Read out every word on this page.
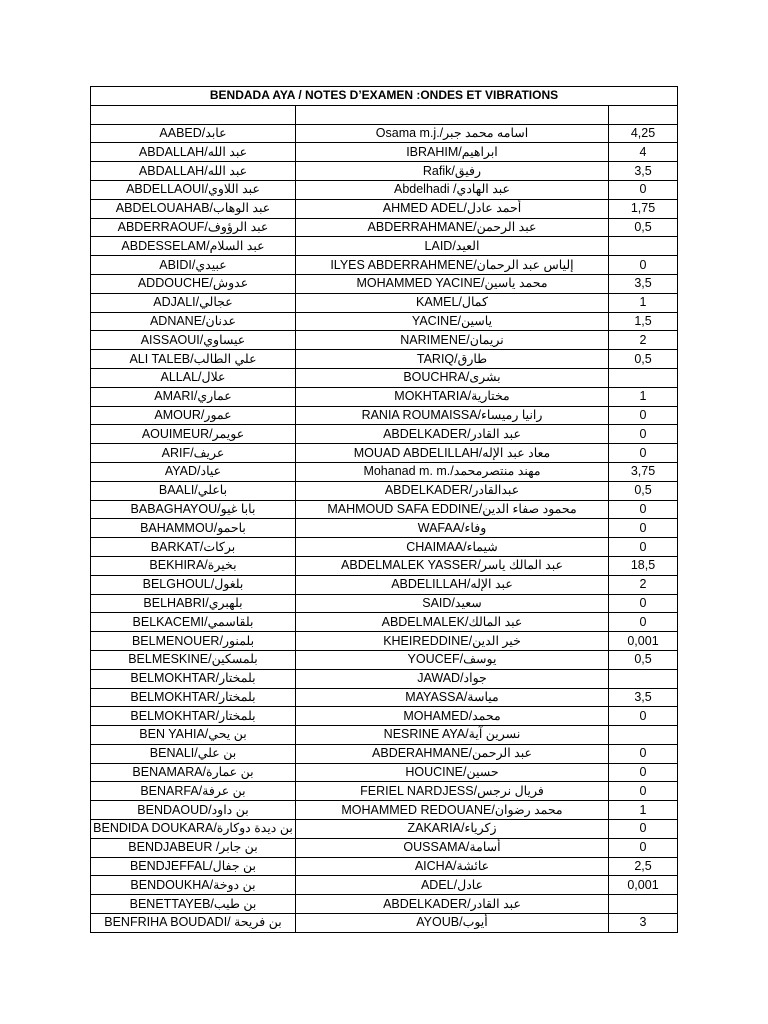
BENDADA AYA / NOTES D’EXAMEN :ONDES ET VIBRATIONS		

AABED/عابد	Osama m.j./اسامه محمد جبر	4,25
ABDALLAH/عبد الله	IBRAHIM/ابراهيم	4
ABDALLAH/عبد الله	Rafik/رفيق	3,5
ABDELLAOUI/عبد اللاوي	Abdelhadi /عبد الهادي	0
ABDELOUAHAB/عبد الوهاب	AHMED ADEL/أحمد عادل	1,75
ABDERRAOUF/عبد الرؤوف	ABDERRAHMANE/عبد الرحمن	0,5
ABDESSELAM/عبد السلام	LAID/العيد	
ABIDI/عبيدي	ILYES ABDERRAHMENE/إلياس عبد الرحمان	0
ADDOUCHE/عدوش	MOHAMMED YACINE/محمد ياسين	3,5
ADJALI/عجالي	KAMEL/كمال	1
ADNANE/عدنان	YACINE/ياسين	1,5
AISSAOUI/عيساوي	NARIMENE/نريمان	2
ALI TALEB/علي الطالب	TARIQ/طارق	0,5
ALLAL/علال	BOUCHRA/بشرى	
AMARI/عماري	MOKHTARIA/مختارية	1
AMOUR/عمور	RANIA ROUMAISSA/رانيا رميساء	0
AOUIMEUR/عويمر	ABDELKADER/عبد القادر	0
ARIF/عريف	MOUAD ABDELILLAH/معاد عبد الإله	0
AYAD/عياد	Mohanad m. m./مهند منتصرمحمد	3,75
BAALI/باعلي	ABDELKADER/عبدالقادر	0,5
BABAGHAYOU/بابا غيو	MAHMOUD SAFA EDDINE/محمود صفاء الدين	0
BAHAMMOU/باحمو	WAFAA/وفاء	0
BARKAT/بركات	CHAIMAA/شيماء	0
BEKHIRA/بخيرة	ABDELMALEK YASSER/عبد المالك ياسر	18,5
BELGHOUL/بلغول	ABDELILLAH/عبد الإله	2
BELHABRI/بلهبري	SAID/سعيد	0
BELKACEMI/بلقاسمي	ABDELMALEK/عبد المالك	0
BELMENOUER/بلمنور	KHEIREDDINE/خير الدين	0,001
BELMESKINE/بلمسكين	YOUCEF/يوسف	0,5
BELMOKHTAR/بلمختار	JAWAD/جواد	
BELMOKHTAR/بلمختار	MAYASSA/مياسة	3,5
BELMOKHTAR/بلمختار	MOHAMED/محمد	0
BEN YAHIA/بن يحي	NESRINE AYA/نسرين آية	
BENALI/بن علي	ABDERAHMANE/عبد الرحمن	0
BENAMARA/بن عمارة	HOUCINE/حسين	0
BENARFA/بن عرفة	FERIEL NARDJESS/فريال نرجس	0
BENDAOUD/بن داود	MOHAMMED REDOUANE/محمد رضوان	1
BENDIDA DOUKARA/بن ديدة دوكارة	ZAKARIA/زكرياء	0
BENDJABEUR /بن جابر	OUSSAMA/أسامة	0
BENDJEFFAL/بن جفال	AICHA/عائشة	2,5
BENDOUKHA/بن دوخة	ADEL/عادل	0,001
BENETTAYEB/بن طيب	ABDELKADER/عبد القادر	
BENFRIHA BOUDADI/ بن فريحة	AYOUB/أيوب	3
